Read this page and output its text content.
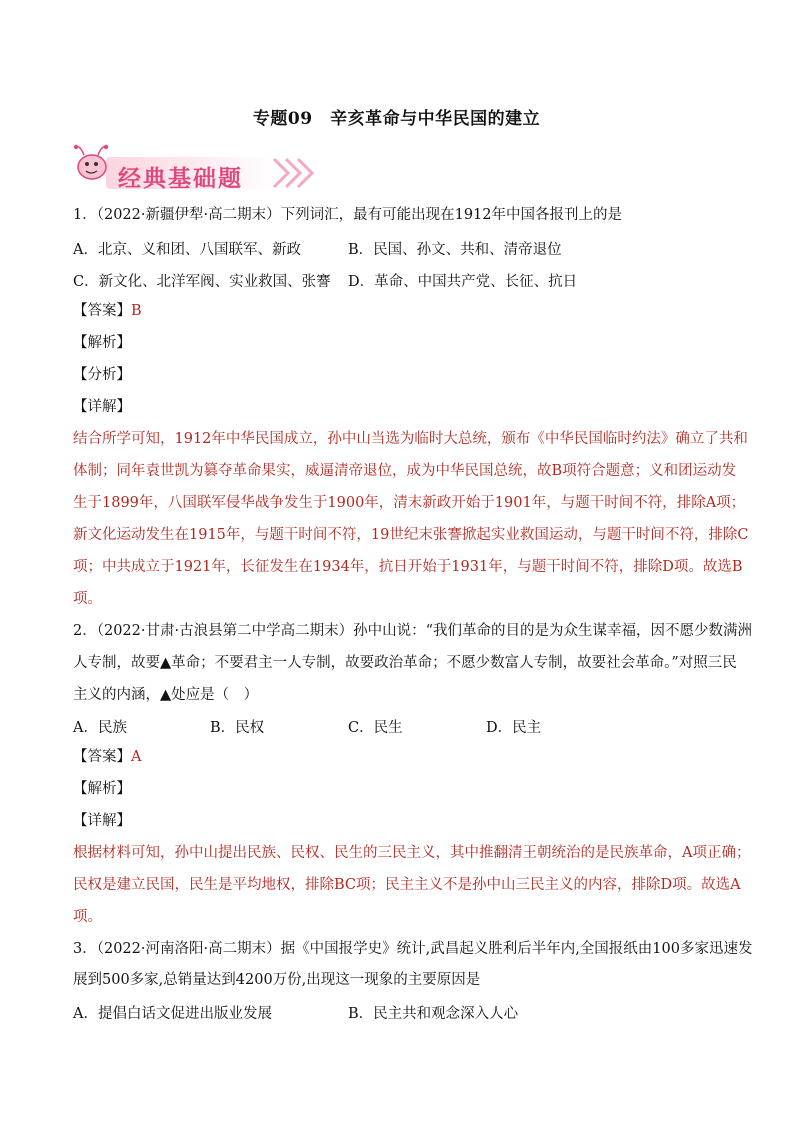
专题09　辛亥革命与中华民国的建立
经典基础题
1．（2022·新疆伊犁·高二期末）下列词汇，最有可能出现在1912年中国各报刊上的是
A．北京、义和团、八国联军、新政	B．民国、孙文、共和、清帝退位
C．新文化、北洋军阀、实业救国、张謇 D．革命、中国共产党、长征、抗日
【答案】B
【解析】
【分析】
【详解】
结合所学可知，1912年中华民国成立，孙中山当选为临时大总统，颁布《中华民国临时约法》确立了共和
体制；同年袁世凯为篡夺革命果实，威逼清帝退位，成为中华民国总统，故B项符合题意；义和团运动发
生于1899年，八国联军侵华战争发生于1900年，清末新政开始于1901年，与题干时间不符，排除A项；
新文化运动发生在1915年，与题干时间不符，19世纪末张謇掀起实业救国运动，与题干时间不符，排除C
项；中共成立于1921年，长征发生在1934年，抗日开始于1931年，与题干时间不符，排除D项。故选B
项。
2．（2022·甘肃·古浪县第二中学高二期末）孙中山说：“我们革命的目的是为众生谋幸福，因不愿少数满洲
人专制，故要▲革命；不要君主一人专制，故要政治革命；不愿少数富人专制，故要社会革命。”对照三民
主义的内涵，▲处应是（　）
A．民族	B．民权	C．民生	D．民主
【答案】A
【解析】
【详解】
根据材料可知，孙中山提出民族、民权、民生的三民主义，其中推翻清王朝统治的是民族革命，A项正确；
民权是建立民国，民生是平均地权，排除BC项；民主主义不是孙中山三民主义的内容，排除D项。故选A
项。
3．（2022·河南洛阳·高二期末）据《中国报学史》统计,武昌起义胜利后半年内,全国报纸由100多家迅速发
展到500多家,总销量达到4200万份,出现这一现象的主要原因是
A．提倡白话文促进出版业发展	B．民主共和观念深入人心
